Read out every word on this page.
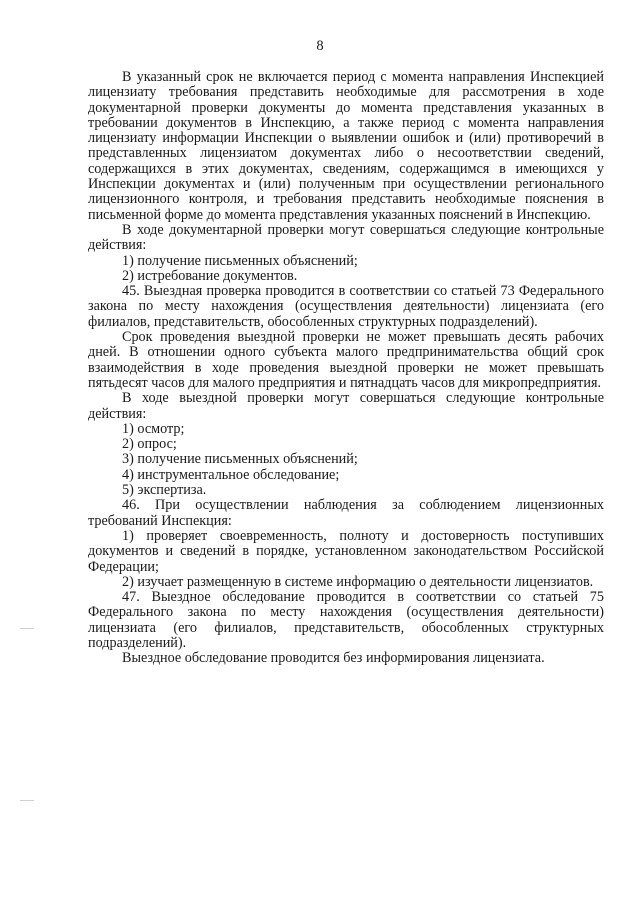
8

В указанный срок не включается период с момента направления Инспекцией лицензиату требования представить необходимые для рассмотрения в ходе документарной проверки документы до момента представления указанных в требовании документов в Инспекцию, а также период с момента направления лицензиату информации Инспекции о выявлении ошибок и (или) противоречий в представленных лицензиатом документах либо о несоответствии сведений, содержащихся в этих документах, сведениям, содержащимся в имеющихся у Инспекции документах и (или) полученным при осуществлении регионального лицензионного контроля, и требования представить необходимые пояснения в письменной форме до момента представления указанных пояснений в Инспекцию.

В ходе документарной проверки могут совершаться следующие контрольные действия:

1) получение письменных объяснений;

2) истребование документов.

45. Выездная проверка проводится в соответствии со статьей 73 Федерального закона по месту нахождения (осуществления деятельности) лицензиата (его филиалов, представительств, обособленных структурных подразделений).

Срок проведения выездной проверки не может превышать десять рабочих дней. В отношении одного субъекта малого предпринимательства общий срок взаимодействия в ходе проведения выездной проверки не может превышать пятьдесят часов для малого предприятия и пятнадцать часов для микропредприятия.

В ходе выездной проверки могут совершаться следующие контрольные действия:

1) осмотр;

2) опрос;

3) получение письменных объяснений;

4) инструментальное обследование;

5) экспертиза.

46. При осуществлении наблюдения за соблюдением лицензионных требований Инспекция:

1) проверяет своевременность, полноту и достоверность поступивших документов и сведений в порядке, установленном законодательством Российской Федерации;

2) изучает размещенную в системе информацию о деятельности лицензиатов.

47. Выездное обследование проводится в соответствии со статьей 75 Федерального закона по месту нахождения (осуществления деятельности) лицензиата (его филиалов, представительств, обособленных структурных подразделений).

Выездное обследование проводится без информирования лицензиата.
